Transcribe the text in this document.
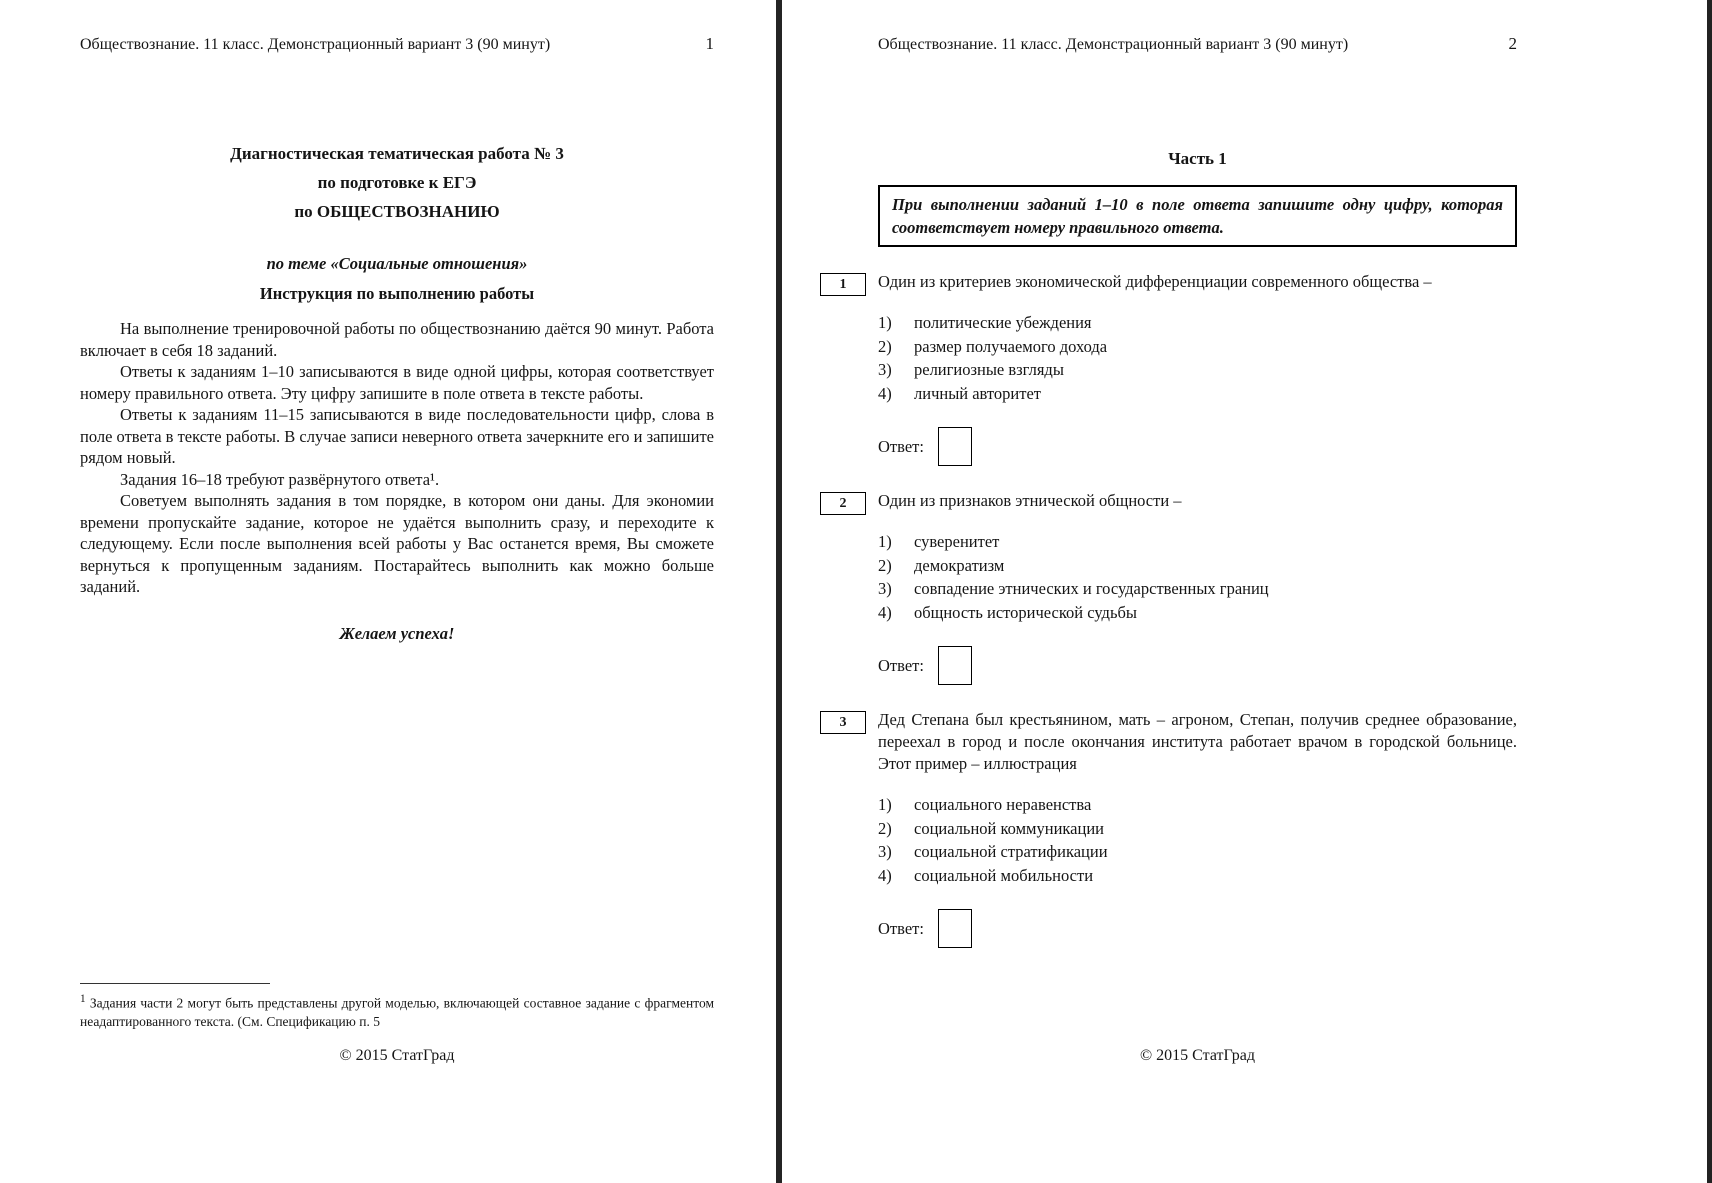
Обществознание. 11 класс. Демонстрационный вариант 3 (90 минут)	1
Диагностическая тематическая работа № 3
по подготовке к ЕГЭ
по ОБЩЕСТВОЗНАНИЮ
по теме «Социальные отношения»
Инструкция по выполнению работы

На выполнение тренировочной работы по обществознанию даётся 90 минут. Работа включает в себя 18 заданий.

Ответы к заданиям 1–10 записываются в виде одной цифры, которая соответствует номеру правильного ответа. Эту цифру запишите в поле ответа в тексте работы.

Ответы к заданиям 11–15 записываются в виде последовательности цифр, слова в поле ответа в тексте работы. В случае записи неверного ответа зачеркните его и запишите рядом новый.

Задания 16–18 требуют развёрнутого ответа¹.

Советуем выполнять задания в том порядке, в котором они даны. Для экономии времени пропускайте задание, которое не удаётся выполнить сразу, и переходите к следующему. Если после выполнения всей работы у Вас останется время, Вы сможете вернуться к пропущенным заданиям. Постарайтесь выполнить как можно больше заданий.

Желаем успеха!
$^1$ Задания части 2 могут быть представлены другой моделью, включающей составное задание с фрагментом неадаптированного текста. (См. Спецификацию п. 5
© 2015 СтатГрад
Обществознание. 11 класс. Демонстрационный вариант 3 (90 минут)	2
Часть 1
При выполнении заданий 1–10 в поле ответа запишите одну цифру, которая соответствует номеру правильного ответа.
1 Один из критериев экономической дифференциации современного общества –

1)	политические убеждения
2)	размер получаемого дохода
3)	религиозные взгляды
4)	личный авторитет
Ответ:
2 Один из признаков этнической общности –

1)	суверенитет
2)	демократизм
3)	совпадение этнических и государственных границ
4)	общность исторической судьбы
Ответ:
3 Дед Степана был крестьянином, мать – агроном, Степан, получив среднее образование, переехал в город и после окончания института работает врачом в городской больнице. Этот пример – иллюстрация

1)	социального неравенства
2)	социальной коммуникации
3)	социальной стратификации
4)	социальной мобильности
Ответ:
© 2015 СтатГрад
